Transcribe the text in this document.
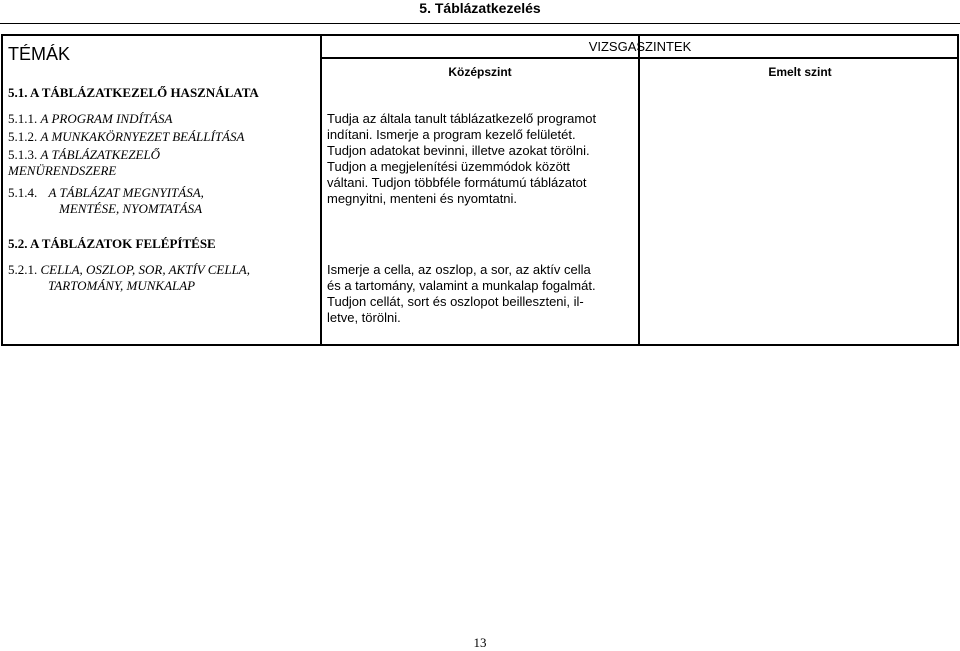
5. Táblázatkezelés
TÉMÁK	VIZSGASZINTEK
Középszint	Emelt szint
5.1. A TÁBLÁZATKEZELŐ HASZNÁLATA
5.1.1. A PROGRAM INDÍTÁSA
5.1.2. A MUNKAKÖRNYEZET BEÁLLÍTÁSA
5.1.3. A TÁBLÁZATKEZELŐ
MENÜRENDSZERE
5.1.4. A TÁBLÁZAT MEGNYITÁSA,
MENTÉSE, NYOMTATÁSA
Tudja az általa tanult táblázatkezelő programot
indítani. Ismerje a program kezelő felületét.
Tudjon adatokat bevinni, illetve azokat törölni.
Tudjon a megjelenítési üzemmódok között
váltani. Tudjon többféle formátumú táblázatot
megnyitni, menteni és nyomtatni.
5.2. A TÁBLÁZATOK FELÉPÍTÉSE
5.2.1. CELLA, OSZLOP, SOR, AKTÍV CELLA,
TARTOMÁNY, MUNKALAP
Ismerje a cella, az oszlop, a sor, az aktív cella
és a tartomány, valamint a munkalap fogalmát.
Tudjon cellát, sort és oszlopot beilleszteni, il-
letve, törölni.
13
